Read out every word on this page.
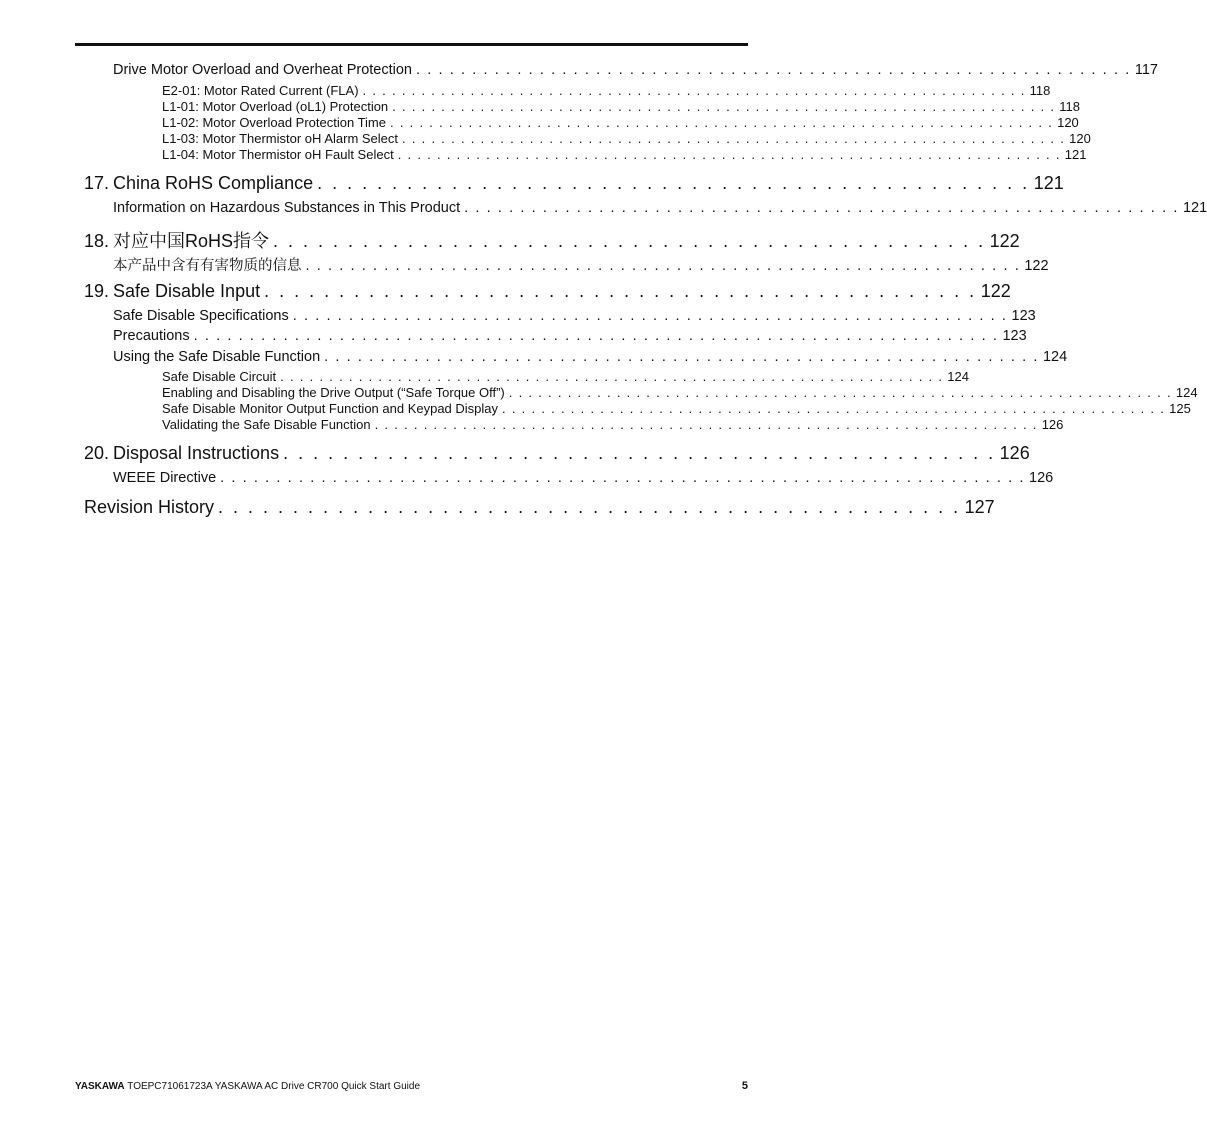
Drive Motor Overload and Overheat Protection . . . . . . . . . . . . . . . . . . . . . . . . . . . . . . . . . . . . . . . . . . . . . . . . . . . . . . . . . . . . . . . . 117
E2-01: Motor Rated Current (FLA) . . . . . . . . . . . . . . . . . . . . . . . . . . . . . . . . . . . . . . . . . . . . . . . . . . . . . . . . . . . . . . . . . . . . 118
L1-01: Motor Overload (oL1) Protection . . . . . . . . . . . . . . . . . . . . . . . . . . . . . . . . . . . . . . . . . . . . . . . . . . . . . . . . . . . . . . . . . . . . 118
L1-02: Motor Overload Protection Time . . . . . . . . . . . . . . . . . . . . . . . . . . . . . . . . . . . . . . . . . . . . . . . . . . . . . . . . . . . . . . . . . . . . 120
L1-03: Motor Thermistor oH Alarm Select . . . . . . . . . . . . . . . . . . . . . . . . . . . . . . . . . . . . . . . . . . . . . . . . . . . . . . . . . . . . . . . . . . . . 120
L1-04: Motor Thermistor oH Fault Select . . . . . . . . . . . . . . . . . . . . . . . . . . . . . . . . . . . . . . . . . . . . . . . . . . . . . . . . . . . . . . . . . . . . 121
17. China RoHS Compliance . . . . . . . . . . . . . . . . . . . . . . . . . . . . . . . . . . . . . . . . . . . . . . . . 121
Information on Hazardous Substances in This Product . . . . . . . . . . . . . . . . . . . . . . . . . . . . . . . . . . . . . . . . . . . . . . . . . . . . . . . . . . . . . . . . 121
18. 对应中国RoHS指令 . . . . . . . . . . . . . . . . . . . . . . . . . . . . . . . . . . . . . . . . . . . . . . . . 122
本产品中含有有害物质的信息 . . . . . . . . . . . . . . . . . . . . . . . . . . . . . . . . . . . . . . . . . . . . . . . . . . . . . . . . . . . . . . . . 122
19. Safe Disable Input . . . . . . . . . . . . . . . . . . . . . . . . . . . . . . . . . . . . . . . . . . . . . . . . 122
Safe Disable Specifications . . . . . . . . . . . . . . . . . . . . . . . . . . . . . . . . . . . . . . . . . . . . . . . . . . . . . . . . . . . . . . . . 123
Precautions . . . . . . . . . . . . . . . . . . . . . . . . . . . . . . . . . . . . . . . . . . . . . . . . . . . . . . . . . . . . . . . . . . . . . . . . 123
Using the Safe Disable Function . . . . . . . . . . . . . . . . . . . . . . . . . . . . . . . . . . . . . . . . . . . . . . . . . . . . . . . . . . . . . . . . 124
Safe Disable Circuit . . . . . . . . . . . . . . . . . . . . . . . . . . . . . . . . . . . . . . . . . . . . . . . . . . . . . . . . . . . . . . . . . . . . 124
Enabling and Disabling the Drive Output (“Safe Torque Off”) . . . . . . . . . . . . . . . . . . . . . . . . . . . . . . . . . . . . . . . . . . . . . . . . . . . . . . . . . . . . . . . . . . . . 124
Safe Disable Monitor Output Function and Keypad Display . . . . . . . . . . . . . . . . . . . . . . . . . . . . . . . . . . . . . . . . . . . . . . . . . . . . . . . . . . . . . . . . . . . . 125
Validating the Safe Disable Function . . . . . . . . . . . . . . . . . . . . . . . . . . . . . . . . . . . . . . . . . . . . . . . . . . . . . . . . . . . . . . . . . . . . 126
20. Disposal Instructions . . . . . . . . . . . . . . . . . . . . . . . . . . . . . . . . . . . . . . . . . . . . . . . . 126
WEEE Directive . . . . . . . . . . . . . . . . . . . . . . . . . . . . . . . . . . . . . . . . . . . . . . . . . . . . . . . . . . . . . . . . . . . . . . . . 126
Revision History . . . . . . . . . . . . . . . . . . . . . . . . . . . . . . . . . . . . . . . . . . . . . . . . . . 127
YASKAWA TOEPC71061723A YASKAWA AC Drive CR700 Quick Start Guide	5
